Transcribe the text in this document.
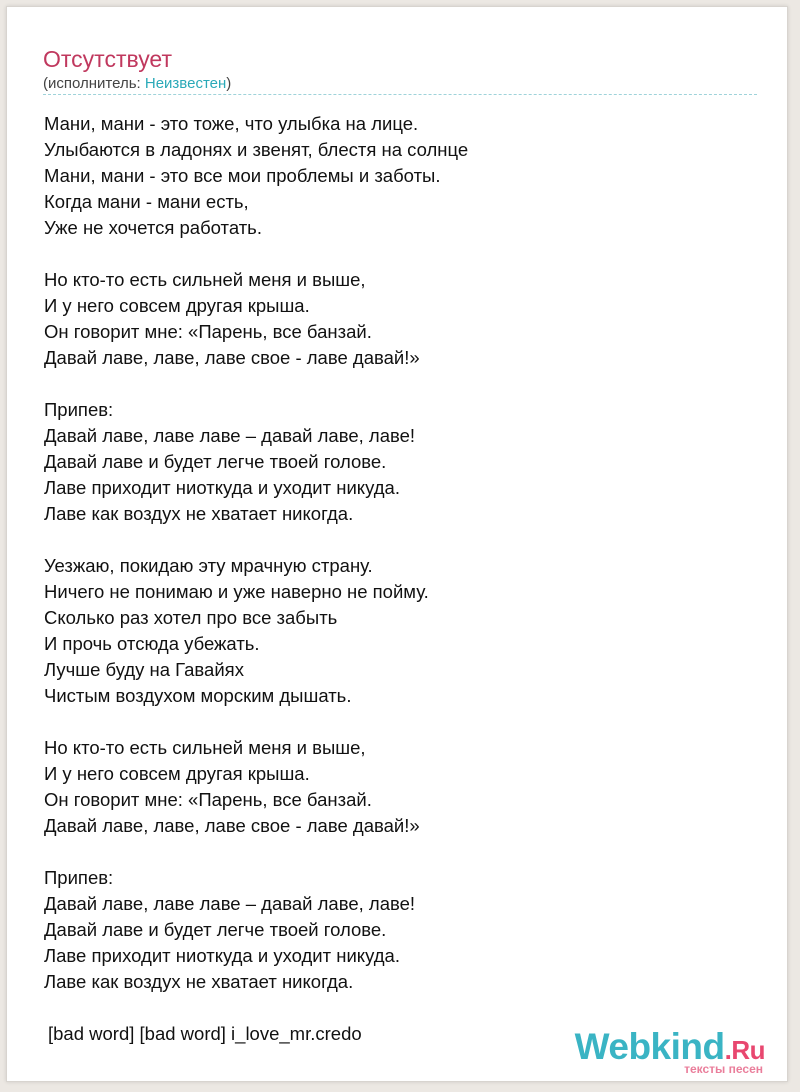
Отсутствует
(исполнитель: Неизвестен)
Мани, мани - это тоже, что улыбка на лице.
Улыбаются в ладонях и звенят, блестя на солнце
Мани, мани - это все мои проблемы и заботы.
Когда мани - мани есть,
Уже не хочется работать.
Но кто-то есть сильней меня и выше,
И у него совсем другая крыша.
Он говорит мне: «Парень, все банзай.
Давай лаве, лаве, лаве свое - лаве давай!»
Припев:
Давай лаве, лаве лаве – давай лаве, лаве!
Давай лаве и будет легче твоей голове.
Лаве приходит ниоткуда и уходит никуда.
Лаве как воздух не хватает никогда.
Уезжаю, покидаю эту мрачную страну.
Ничего не понимаю и уже наверно не пойму.
Сколько раз хотел про все забыть
И прочь отсюда убежать.
Лучше буду на Гавайях
Чистым воздухом морским дышать.
Но кто-то есть сильней меня и выше,
И у него совсем другая крыша.
Он говорит мне: «Парень, все банзай.
Давай лаве, лаве, лаве свое - лаве давай!»
Припев:
Давай лаве, лаве лаве – давай лаве, лаве!
Давай лаве и будет легче твоей голове.
Лаве приходит ниоткуда и уходит никуда.
Лаве как воздух не хватает никогда.
[bad word] [bad word] i_love_mr.credo	Webkind.Ru
тексты песен
